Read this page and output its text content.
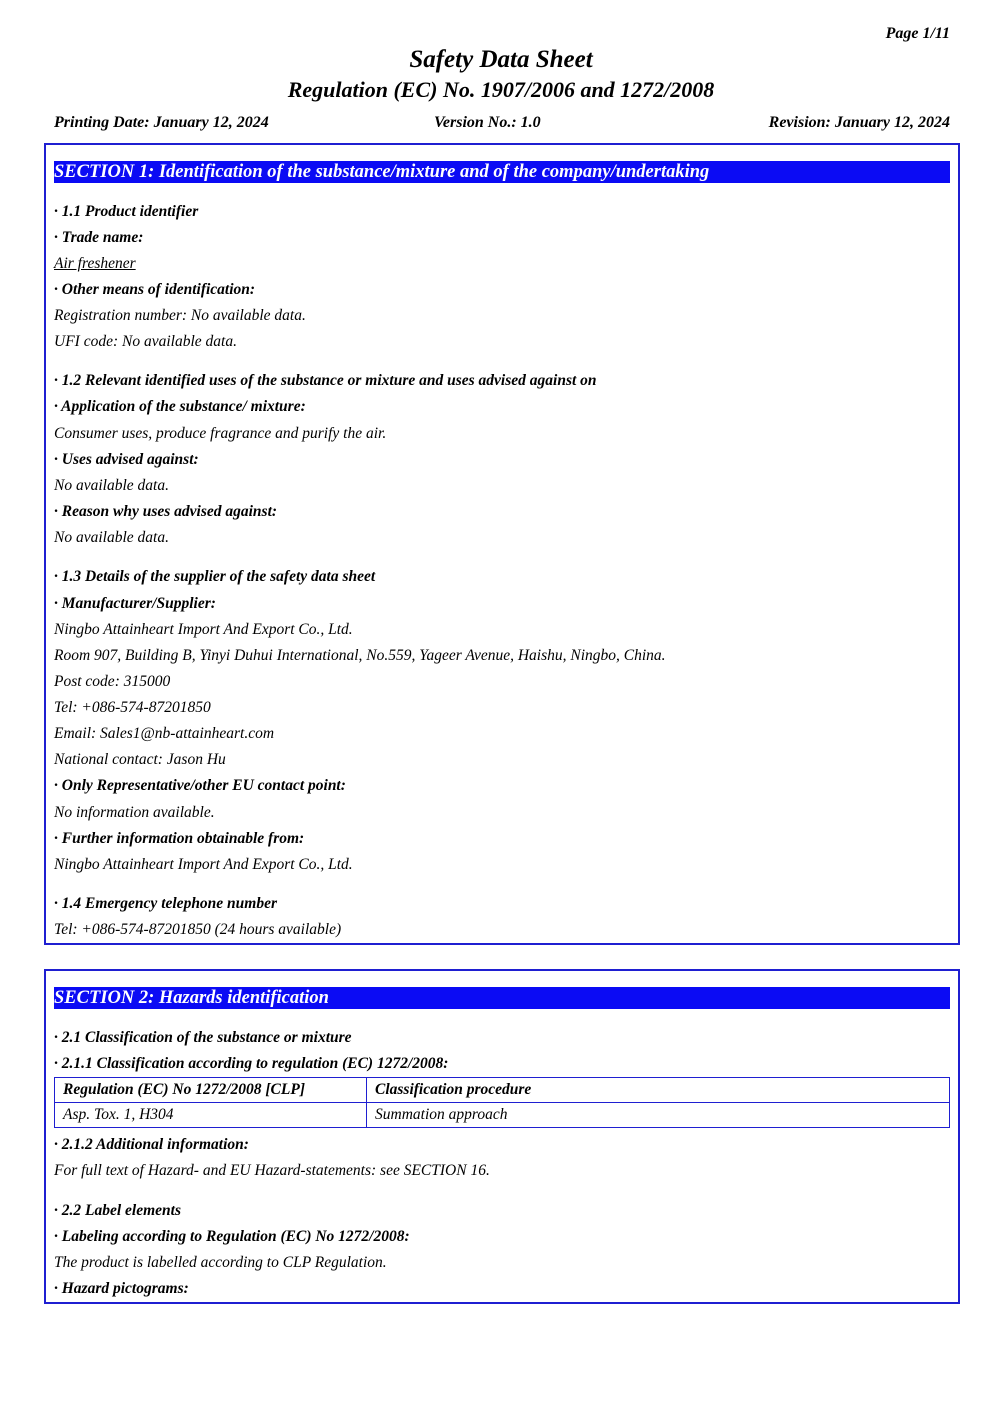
Page 1/11
Safety Data Sheet
Regulation (EC) No. 1907/2006 and 1272/2008
Printing Date: January 12, 2024	Version No.: 1.0	Revision: January 12, 2024
SECTION 1: Identification of the substance/mixture and of the company/undertaking
· 1.1 Product identifier
· Trade name:
Air freshener
· Other means of identification:
Registration number: No available data.
UFI code: No available data.
· 1.2 Relevant identified uses of the substance or mixture and uses advised against on
· Application of the substance/ mixture:
Consumer uses, produce fragrance and purify the air.
· Uses advised against:
No available data.
· Reason why uses advised against:
No available data.
· 1.3 Details of the supplier of the safety data sheet
· Manufacturer/Supplier:
Ningbo Attainheart Import And Export Co., Ltd.
Room 907, Building B, Yinyi Duhui International, No.559, Yageer Avenue, Haishu, Ningbo, China.
Post code: 315000
Tel: +086-574-87201850
Email: Sales1@nb-attainheart.com
National contact: Jason Hu
· Only Representative/other EU contact point:
No information available.
· Further information obtainable from:
Ningbo Attainheart Import And Export Co., Ltd.
· 1.4 Emergency telephone number
Tel: +086-574-87201850 (24 hours available)
SECTION 2: Hazards identification
· 2.1 Classification of the substance or mixture
· 2.1.1 Classification according to regulation (EC) 1272/2008:
Regulation (EC) No 1272/2008 [CLP]	Classification procedure
Asp. Tox. 1, H304	Summation approach
· 2.1.2 Additional information:
For full text of Hazard- and EU Hazard-statements: see SECTION 16.
· 2.2 Label elements
· Labeling according to Regulation (EC) No 1272/2008:
The product is labelled according to CLP Regulation.
· Hazard pictograms:
